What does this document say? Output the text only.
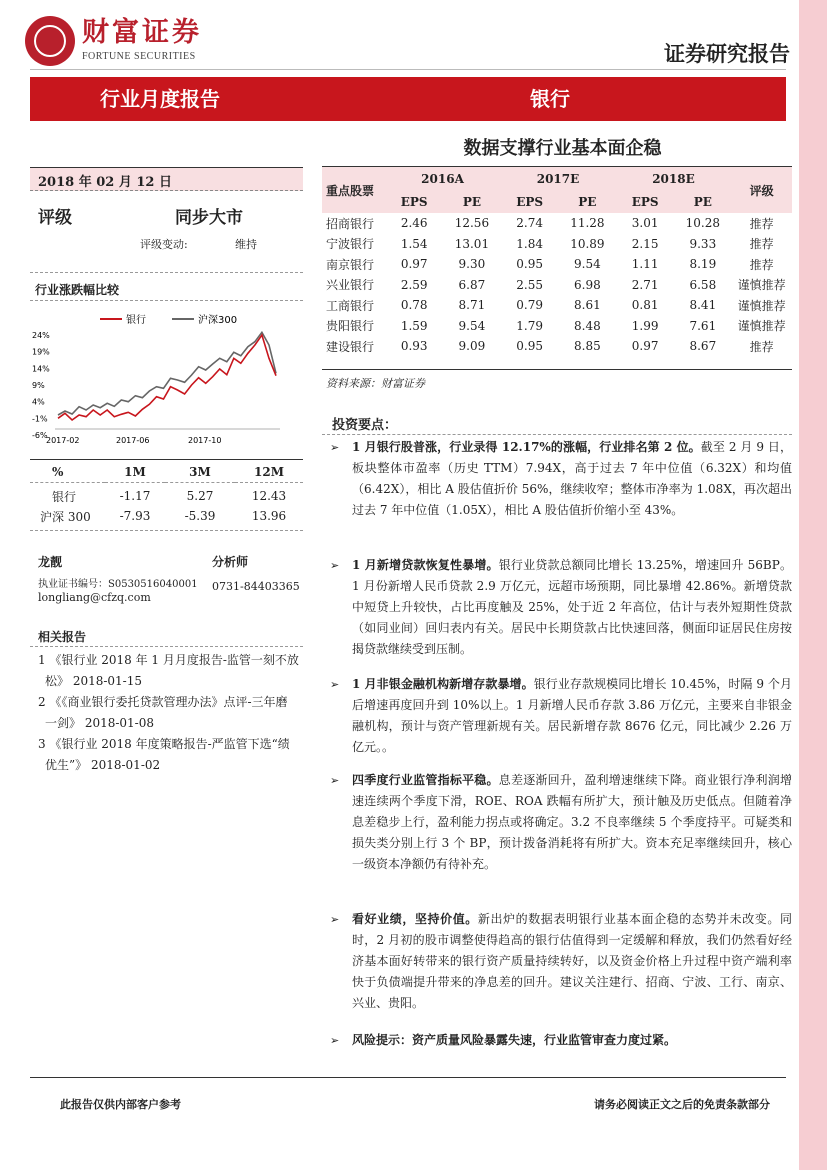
财富证券
FORTUNE SECURITIES	证券研究报告
行业月度报告	银行
数据支撑行业基本面企稳
2018 年 02 月 12 日
评级	同步大市
评级变动:	维持
行业涨跌幅比较
银行	沪深300
24%
19%
14%
9%
4%
-1%
-6%
2017-02	2017-06	2017-10
%	1M	3M	12M

银行	-1.17	5.27	12.43
沪深 300	-7.93	-5.39	13.96
龙靓	分析师
执业证书编号：S0530516040001 0731-84403365
longliang@cfzq.com
相关报告
1 《银行业 2018 年 1 月月度报告-监管一刻不放
松》 2018-01-15
2 《《商业银行委托贷款管理办法》点评-三年磨
一剑》 2018-01-08
3 《银行业 2018 年度策略报告-严监管下选“绩
优生”》 2018-01-02
重点股票	2016A		2017E		2018E		评级
	EPS	PE	EPS	PE	EPS	PE	
招商银行	2.46	12.56	2.74	11.28	3.01	10.28	推荐
宁波银行	1.54	13.01	1.84	10.89	2.15	9.33	推荐
南京银行	0.97	9.30	0.95	9.54	1.11	8.19	推荐
兴业银行	2.59	6.87	2.55	6.98	2.71	6.58	谨慎推荐
工商银行	0.78	8.71	0.79	8.61	0.81	8.41	谨慎推荐
贵阳银行	1.59	9.54	1.79	8.48	1.99	7.61	谨慎推荐
建设银行	0.93	9.09	0.95	8.85	0.97	8.67	推荐
资料来源：财富证券
投资要点：
➢	1 月银行股普涨，行业录得 12.17%的涨幅，行业排名第 2 位。截至 2 月 9 日，板块整体市盈率（历史 TTM）7.94X，高于过去 7 年中位值（6.32X）和均值（6.42X），相比 A 股估值折价 56%，继续收窄；整体市净率为 1.08X，再次超出过去 7 年中位值（1.05X），相比 A 股估值折价缩小至 43%。
➢	1 月新增贷款恢复性暴增。银行业贷款总额同比增长 13.25%，增速回升 56BP。1 月份新增人民币贷款 2.9 万亿元，远超市场预期，同比暴增 42.86%。新增贷款中短贷上升较快，占比再度触及 25%，处于近 2 年高位，估计与表外短期性贷款（如同业间）回归表内有关。居民中长期贷款占比快速回落，侧面印证居民住房按揭贷款继续受到压制。
➢	1 月非银金融机构新增存款暴增。银行业存款规模同比增长 10.45%，时隔 9 个月后增速再度回升到 10%以上。1 月新增人民币存款 3.86 万亿元，主要来自非银金融机构，预计与资产管理新规有关。居民新增存款 8676 亿元，同比减少 2.26 万亿元。。
➢	四季度行业监管指标平稳。息差逐渐回升，盈利增速继续下降。商业银行净利润增速连续两个季度下滑，ROE、ROA 跌幅有所扩大，预计触及历史低点。但随着净息差稳步上行，盈利能力拐点或将确定。3.2 不良率继续 5 个季度持平。可疑类和损失类分别上行 3 个 BP，预计拨备消耗将有所扩大。资本充足率继续回升，核心一级资本净额仍有待补充。
➢	看好业绩，坚持价值。新出炉的数据表明银行业基本面企稳的态势并未改变。同时，2 月初的股市调整使得趋高的银行估值得到一定缓解和释放，我们仍然看好经济基本面好转带来的银行资产质量持续转好，以及资金价格上升过程中资产端利率快于负债端提升带来的净息差的回升。建议关注建行、招商、宁波、工行、南京、兴业、贵阳。
➢	风险提示：资产质量风险暴露失速，行业监管审查力度过紧。
此报告仅供内部客户参考	请务必阅读正文之后的免责条款部分
